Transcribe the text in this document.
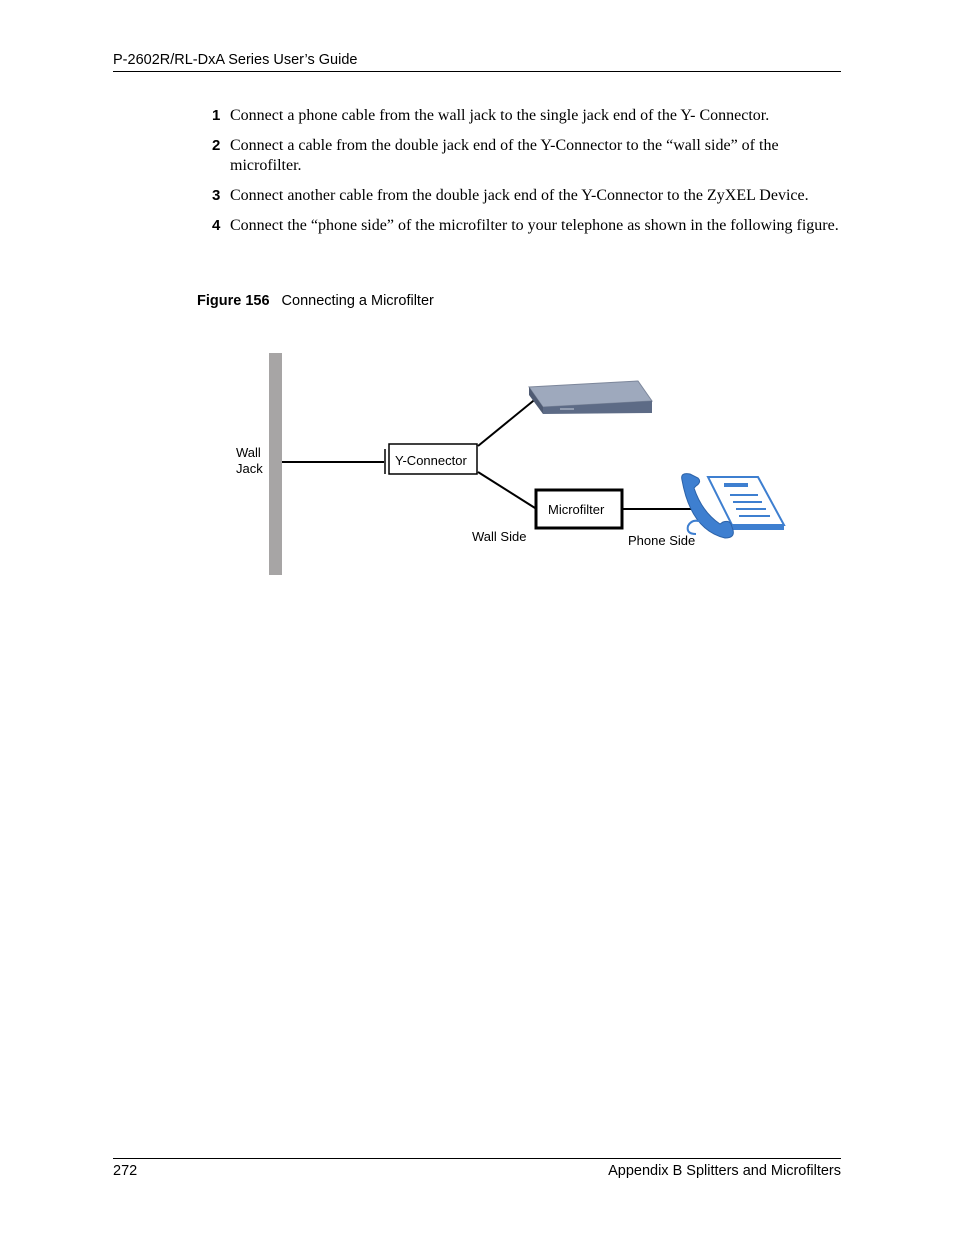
P-2602R/RL-DxA Series User’s Guide
1 Connect a phone cable from the wall jack to the single jack end of the Y- Connector.
2 Connect a cable from the double jack end of the Y-Connector to the “wall side” of the microfilter.
3 Connect another cable from the double jack end of the Y-Connector to the ZyXEL Device.
4 Connect the “phone side” of the microfilter to your telephone as shown in the following figure.
Figure 156 Connecting a Microfilter
Wall
Jack
Y-Connector
Microfilter
Wall Side	Phone Side
272	Appendix B Splitters and Microfilters
